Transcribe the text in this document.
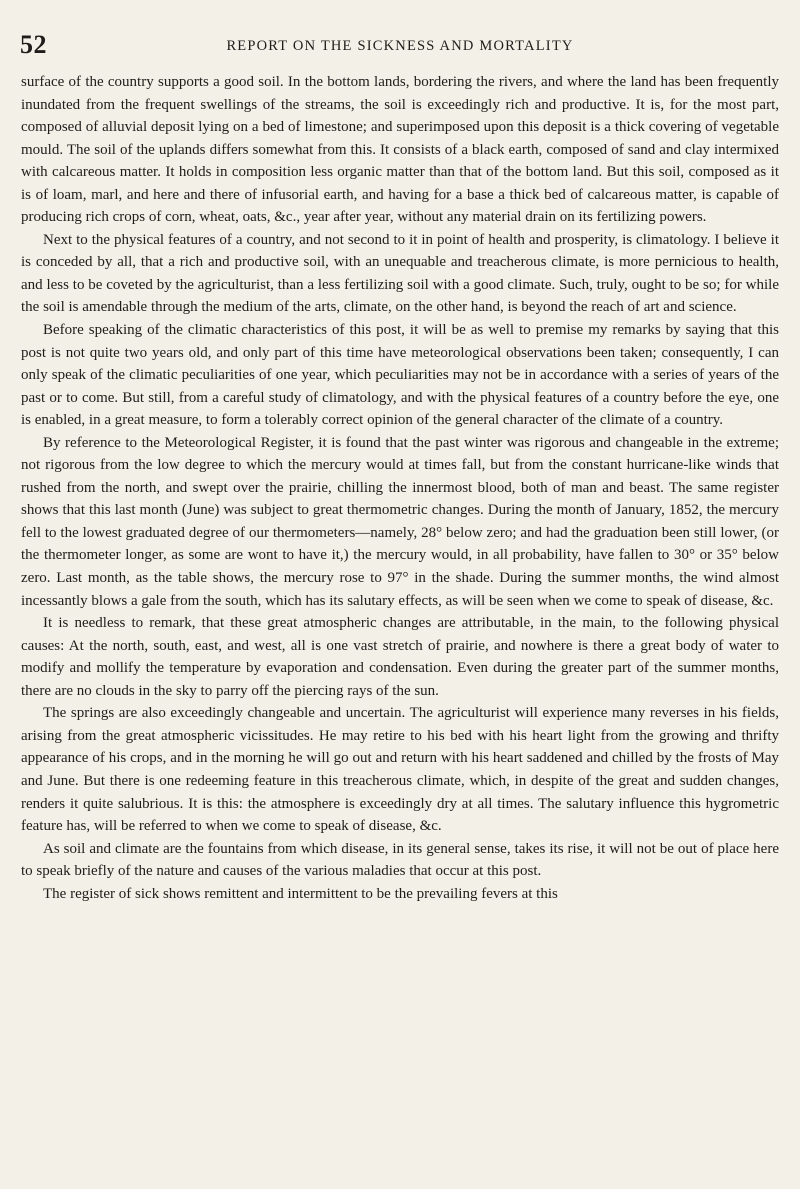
52	REPORT ON THE SICKNESS AND MORTALITY

surface of the country supports a good soil. In the bottom lands, bordering the rivers, and where the land has been frequently inundated from the frequent swellings of the streams, the soil is exceedingly rich and productive. It is, for the most part, composed of alluvial deposit lying on a bed of limestone; and superimposed upon this deposit is a thick covering of vegetable mould. The soil of the uplands differs somewhat from this. It consists of a black earth, composed of sand and clay intermixed with calcareous matter. It holds in composition less organic matter than that of the bottom land. But this soil, composed as it is of loam, marl, and here and there of infusorial earth, and having for a base a thick bed of calcareous matter, is capable of producing rich crops of corn, wheat, oats, &c., year after year, without any material drain on its fertilizing powers.

Next to the physical features of a country, and not second to it in point of health and prosperity, is climatology. I believe it is conceded by all, that a rich and productive soil, with an unequable and treacherous climate, is more pernicious to health, and less to be coveted by the agriculturist, than a less fertilizing soil with a good climate. Such, truly, ought to be so; for while the soil is amendable through the medium of the arts, climate, on the other hand, is beyond the reach of art and science.

Before speaking of the climatic characteristics of this post, it will be as well to premise my remarks by saying that this post is not quite two years old, and only part of this time have meteorological observations been taken; consequently, I can only speak of the climatic peculiarities of one year, which peculiarities may not be in accordance with a series of years of the past or to come. But still, from a careful study of climatology, and with the physical features of a country before the eye, one is enabled, in a great measure, to form a tolerably correct opinion of the general character of the climate of a country.

By reference to the Meteorological Register, it is found that the past winter was rigorous and changeable in the extreme; not rigorous from the low degree to which the mercury would at times fall, but from the constant hurricane-like winds that rushed from the north, and swept over the prairie, chilling the innermost blood, both of man and beast. The same register shows that this last month (June) was subject to great thermometric changes. During the month of January, 1852, the mercury fell to the lowest graduated degree of our thermometers—namely, 28° below zero; and had the graduation been still lower, (or the thermometer longer, as some are wont to have it,) the mercury would, in all probability, have fallen to 30° or 35° below zero. Last month, as the table shows, the mercury rose to 97° in the shade. During the summer months, the wind almost incessantly blows a gale from the south, which has its salutary effects, as will be seen when we come to speak of disease, &c.

It is needless to remark, that these great atmospheric changes are attributable, in the main, to the following physical causes: At the north, south, east, and west, all is one vast stretch of prairie, and nowhere is there a great body of water to modify and mollify the temperature by evaporation and condensation. Even during the greater part of the summer months, there are no clouds in the sky to parry off the piercing rays of the sun.

The springs are also exceedingly changeable and uncertain. The agriculturist will experience many reverses in his fields, arising from the great atmospheric vicissitudes. He may retire to his bed with his heart light from the growing and thrifty appearance of his crops, and in the morning he will go out and return with his heart saddened and chilled by the frosts of May and June. But there is one redeeming feature in this treacherous climate, which, in despite of the great and sudden changes, renders it quite salubrious. It is this: the atmosphere is exceedingly dry at all times. The salutary influence this hygrometric feature has, will be referred to when we come to speak of disease, &c.

As soil and climate are the fountains from which disease, in its general sense, takes its rise, it will not be out of place here to speak briefly of the nature and causes of the various maladies that occur at this post.

The register of sick shows remittent and intermittent to be the prevailing fevers at this
